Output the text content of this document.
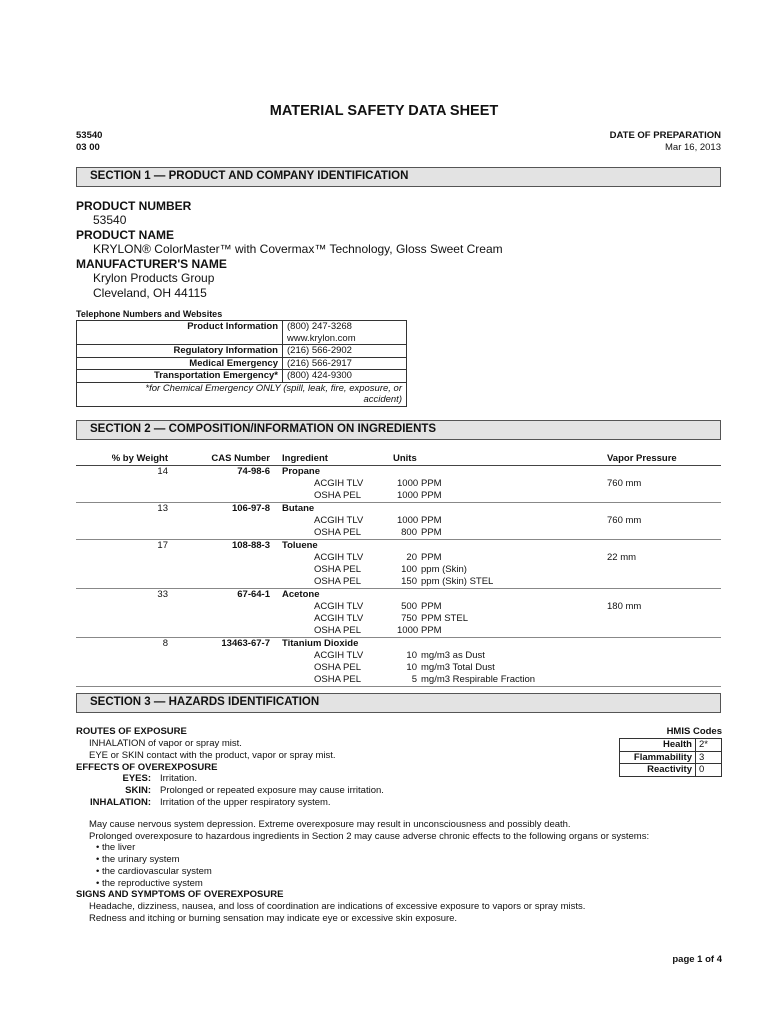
MATERIAL SAFETY DATA SHEET
53540
03 00
DATE OF PREPARATION
Mar 16, 2013
SECTION 1 — PRODUCT AND COMPANY IDENTIFICATION
PRODUCT NUMBER
53540
PRODUCT NAME
KRYLON® ColorMaster™ with Covermax™ Technology, Gloss Sweet Cream
MANUFACTURER'S NAME
Krylon Products Group
Cleveland, OH 44115
Telephone Numbers and Websites
Product Information	(800) 247-3268
www.krylon.com

Regulatory Information	(216) 566-2902
Medical Emergency	(216) 566-2917
Transportation Emergency*	(800) 424-9300

*for Chemical Emergency ONLY (spill, leak, fire, exposure, or
accident)	
SECTION 2 — COMPOSITION/INFORMATION ON INGREDIENTS
% by Weight	CAS Number Ingredient	Units	Vapor Pressure
14	74-98-6 Propane
ACGIH TLV	1000 PPM	760 mm
OSHA PEL	1000 PPM
13	106-97-8 Butane
ACGIH TLV	1000 PPM	760 mm
OSHA PEL	800 PPM
17	108-88-3 Toluene
ACGIH TLV	20 PPM	22 mm
OSHA PEL	100 ppm (Skin)
OSHA PEL	150 ppm (Skin) STEL
33	67-64-1 Acetone
ACGIH TLV	500 PPM	180 mm
ACGIH TLV	750 PPM STEL
OSHA PEL	1000 PPM
8	13463-67-7 Titanium Dioxide
ACGIH TLV	10 mg/m3 as Dust
OSHA PEL	10 mg/m3 Total Dust
OSHA PEL	5 mg/m3 Respirable Fraction
SECTION 3 — HAZARDS IDENTIFICATION
ROUTES OF EXPOSURE
INHALATION of vapor or spray mist.
EYE or SKIN contact with the product, vapor or spray mist.
EFFECTS OF OVEREXPOSURE
EYES: Irritation.
SKIN: Prolonged or repeated exposure may cause irritation.
INHALATION: Irritation of the upper respiratory system.
May cause nervous system depression. Extreme overexposure may result in unconsciousness and possibly death.
Prolonged overexposure to hazardous ingredients in Section 2 may cause adverse chronic effects to the following organs or systems:
• the liver
• the urinary system
• the cardiovascular system
• the reproductive system
SIGNS AND SYMPTOMS OF OVEREXPOSURE
Headache, dizziness, nausea, and loss of coordination are indications of excessive exposure to vapors or spray mists.
Redness and itching or burning sensation may indicate eye or excessive skin exposure.
HMIS Codes
Health	2*
Flammability	3
Reactivity	0
page 1 of 4
